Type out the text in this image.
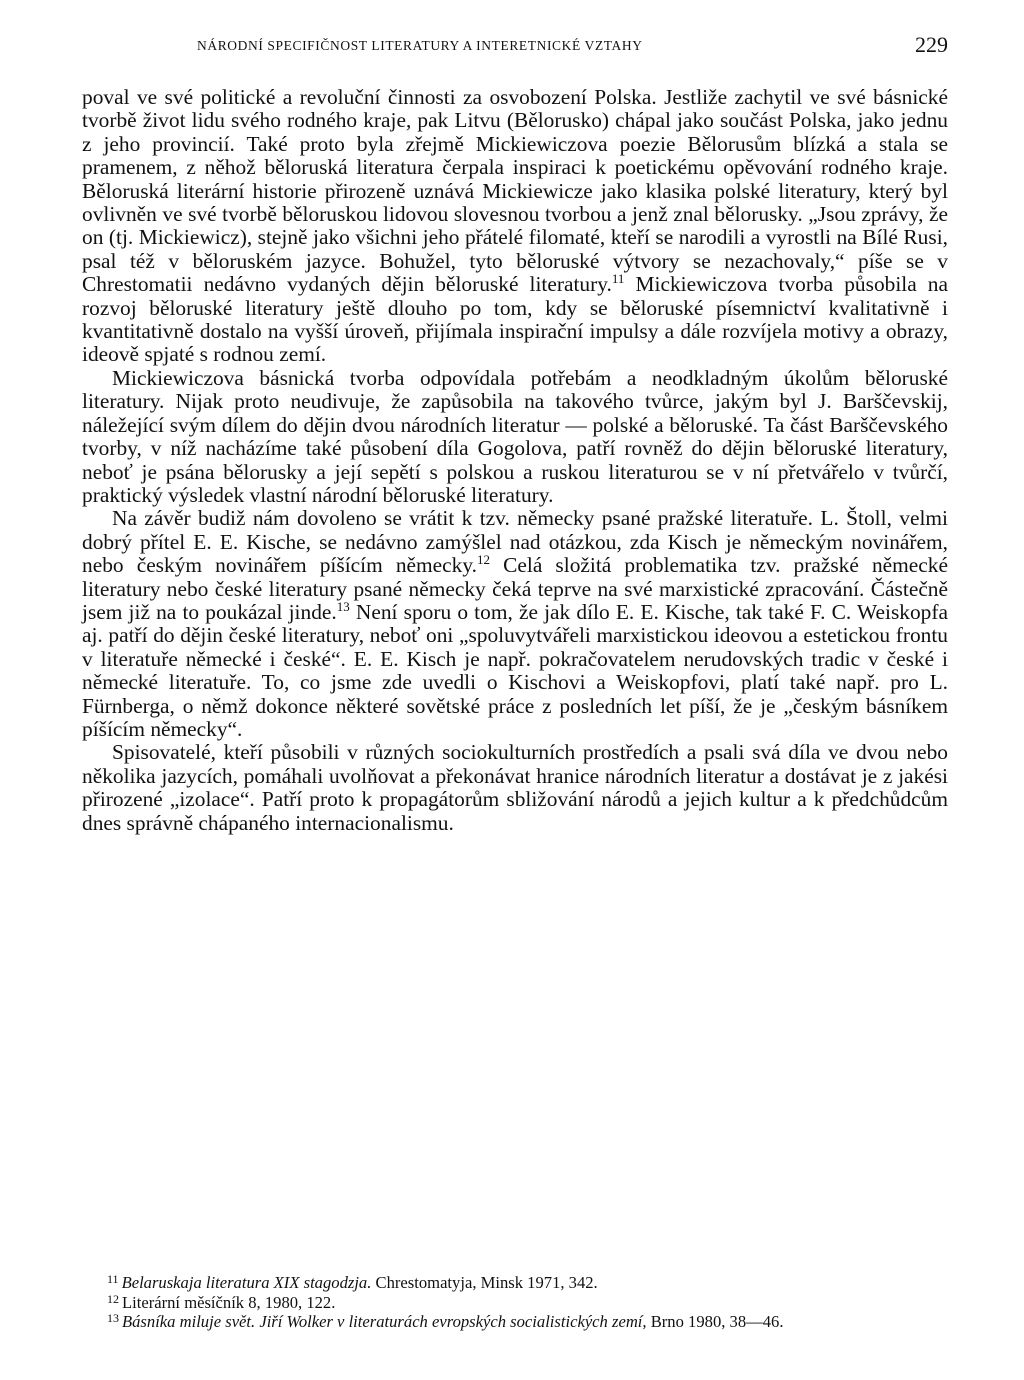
NÁRODNÍ SPECIFIČNOST LITERATURY A INTERETNICKÉ VZTAHY	229

poval ve své politické a revoluční činnosti za osvobození Polska. Jestliže zachytil ve své básnické tvorbě život lidu svého rodného kraje, pak Litvu (Bělorusko) chápal jako součást Polska, jako jednu z jeho provincií. Také proto byla zřejmě Mickiewiczova poezie Bělorusům blízká a stala se pramenem, z něhož běloruská literatura čerpala inspiraci k poetickému opěvování rodného kraje. Běloruská literární historie přirozeně uznává Mickiewicze jako klasika polské literatury, který byl ovlivněn ve své tvorbě běloruskou lidovou slovesnou tvorbou a jenž znal bělorusky. „Jsou zprávy, že on (tj. Mickiewicz), stejně jako všichni jeho přátelé filomaté, kteří se narodili a vyrostli na Bílé Rusi, psal též v běloruském jazyce. Bohužel, tyto běloruské výtvory se nezachovaly,“ píše se v Chrestomatii nedávno vydaných dějin běloruské literatury.$^{11}$ Mickiewiczova tvorba působila na rozvoj běloruské literatury ještě dlouho po tom, kdy se běloruské písemnictví kvalitativně i kvantitativně dostalo na vyšší úroveň, přijímala inspirační impulsy a dále rozvíjela motivy a obrazy, ideově spjaté s rodnou zemí.

Mickiewiczova básnická tvorba odpovídala potřebám a neodkladným úkolům běloruské literatury. Nijak proto neudivuje, že zapůsobila na takového tvůrce, jakým byl J. Barščevskij, náležející svým dílem do dějin dvou národních literatur — polské a běloruské. Ta část Barščevského tvorby, v níž nacházíme také působení díla Gogolova, patří rovněž do dějin běloruské literatury, neboť je psána bělorusky a její sepětí s polskou a ruskou literaturou se v ní přetvářelo v tvůrčí, praktický výsledek vlastní národní běloruské literatury.

Na závěr budiž nám dovoleno se vrátit k tzv. německy psané pražské literatuře. L. Štoll, velmi dobrý přítel E. E. Kische, se nedávno zamýšlel nad otázkou, zda Kisch je německým novinářem, nebo českým novinářem píšícím německy.$^{12}$ Celá složitá problematika tzv. pražské německé literatury nebo české literatury psané německy čeká teprve na své marxistické zpracování. Částečně jsem již na to poukázal jinde.$^{13}$ Není sporu o tom, že jak dílo E. E. Kische, tak také F. C. Weiskopfa aj. patří do dějin české literatury, neboť oni „spoluvytvářeli marxistickou ideovou a estetickou frontu v literatuře německé i české“. E. E. Kisch je např. pokračovatelem nerudovských tradic v české i německé literatuře. To, co jsme zde uvedli o Kischovi a Weiskopfovi, platí také např. pro L. Fürnberga, o němž dokonce některé sovětské práce z posledních let píší, že je „českým básníkem píšícím německy“.

Spisovatelé, kteří působili v různých sociokulturních prostředích a psali svá díla ve dvou nebo několika jazycích, pomáhali uvolňovat a překonávat hranice národních literatur a dostávat je z jakési přirozené „izolace“. Patří proto k propagátorům sbližování národů a jejich kultur a k předchůdcům dnes správně chápaného internacionalismu.

$^{11}$ Belaruskaja literatura XIX stagodzja. Chrestomatyja, Minsk 1971, 342.

$^{12}$ Literární měsíčník 8, 1980, 122.

$^{13}$ Básníka miluje svět. Jiří Wolker v literaturách evropských socialistických zemí, Brno 1980, 38—46.
